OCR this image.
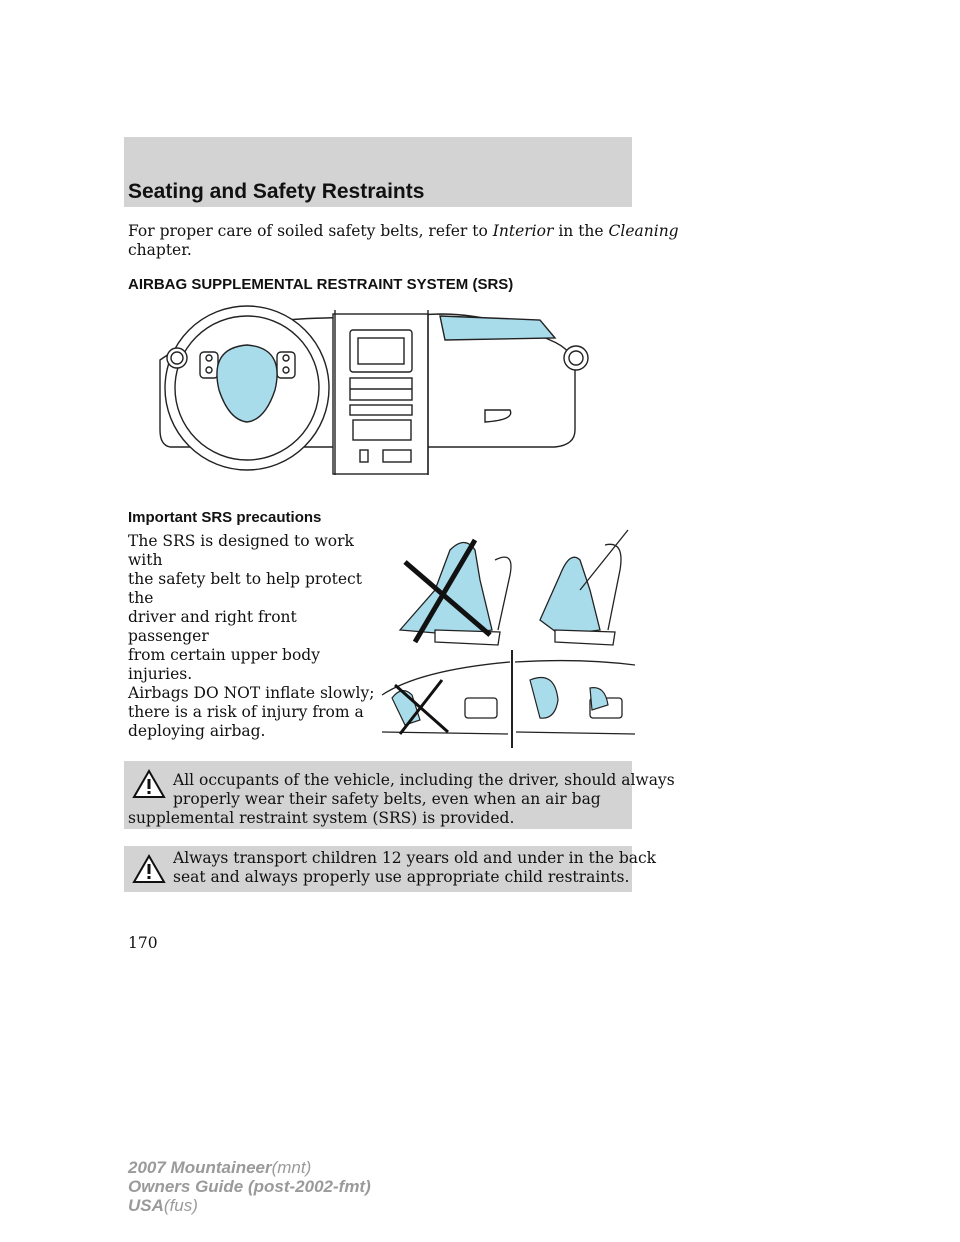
Seating and Safety Restraints
For proper care of soiled safety belts, refer to Interior in the Cleaning
chapter.
AIRBAG SUPPLEMENTAL RESTRAINT SYSTEM (SRS)
Important SRS precautions
The SRS is designed to work with
the safety belt to help protect the
driver and right front passenger
from certain upper body injuries.
Airbags DO NOT inflate slowly;
there is a risk of injury from a
deploying airbag.
All occupants of the vehicle, including the driver, should always
properly wear their safety belts, even when an air bag
supplemental restraint system (SRS) is provided.
Always transport children 12 years old and under in the back
seat and always properly use appropriate child restraints.
170
2007 Mountaineer(mnt)
Owners Guide (post-2002-fmt)
USA(fus)
